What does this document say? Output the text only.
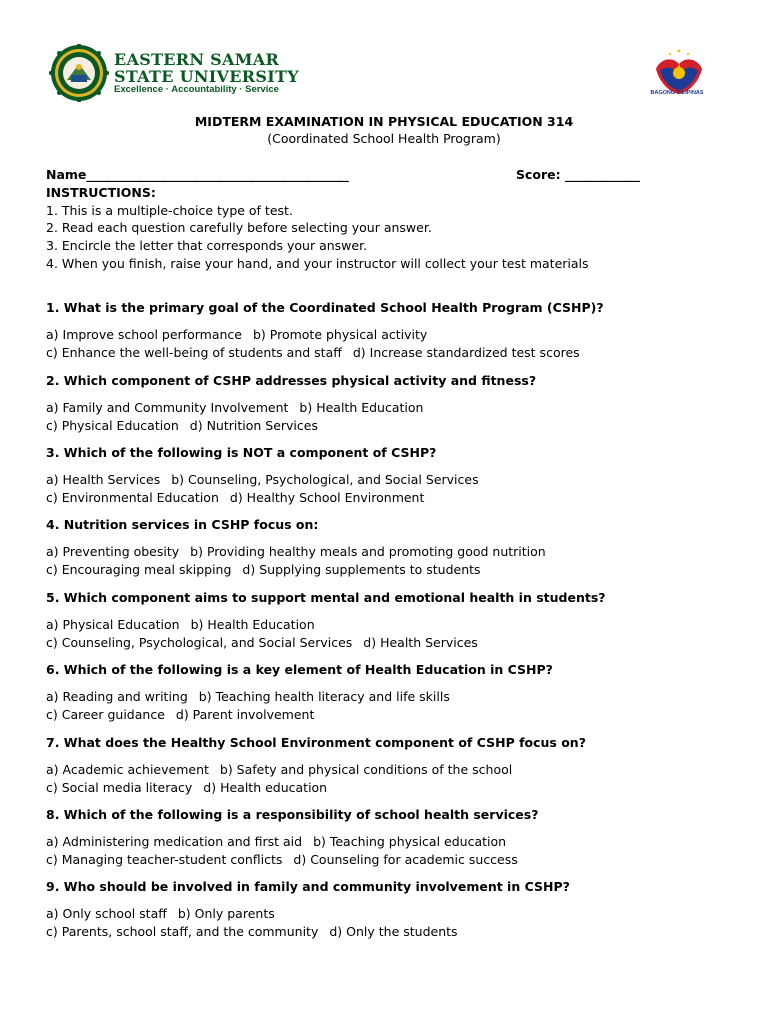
EASTERN SAMAR
STATE UNIVERSITY
Excellence · Accountability · Service	BAGONG PILIPINAS
MIDTERM EXAMINATION IN PHYSICAL EDUCATION 314
(Coordinated School Health Program)
Name__________________________________________	Score: ____________
INSTRUCTIONS:
1. This is a multiple-choice type of test.
2. Read each question carefully before selecting your answer.
3. Encircle the letter that corresponds your answer.
4. When you finish, raise your hand, and your instructor will collect your test materials
1. What is the primary goal of the Coordinated School Health Program (CSHP)?
a) Improve school performance b) Promote physical activity
c) Enhance the well-being of students and staff d) Increase standardized test scores
2. Which component of CSHP addresses physical activity and fitness?
a) Family and Community Involvement b) Health Education
c) Physical Education d) Nutrition Services
3. Which of the following is NOT a component of CSHP?
a) Health Services b) Counseling, Psychological, and Social Services
c) Environmental Education d) Healthy School Environment
4. Nutrition services in CSHP focus on:
a) Preventing obesity b) Providing healthy meals and promoting good nutrition
c) Encouraging meal skipping d) Supplying supplements to students
5. Which component aims to support mental and emotional health in students?
a) Physical Education b) Health Education
c) Counseling, Psychological, and Social Services d) Health Services
6. Which of the following is a key element of Health Education in CSHP?
a) Reading and writing b) Teaching health literacy and life skills
c) Career guidance d) Parent involvement
7. What does the Healthy School Environment component of CSHP focus on?
a) Academic achievement b) Safety and physical conditions of the school
c) Social media literacy d) Health education
8. Which of the following is a responsibility of school health services?
a) Administering medication and first aid b) Teaching physical education
c) Managing teacher-student conflicts d) Counseling for academic success
9. Who should be involved in family and community involvement in CSHP?
a) Only school staff b) Only parents
c) Parents, school staff, and the community d) Only the students
